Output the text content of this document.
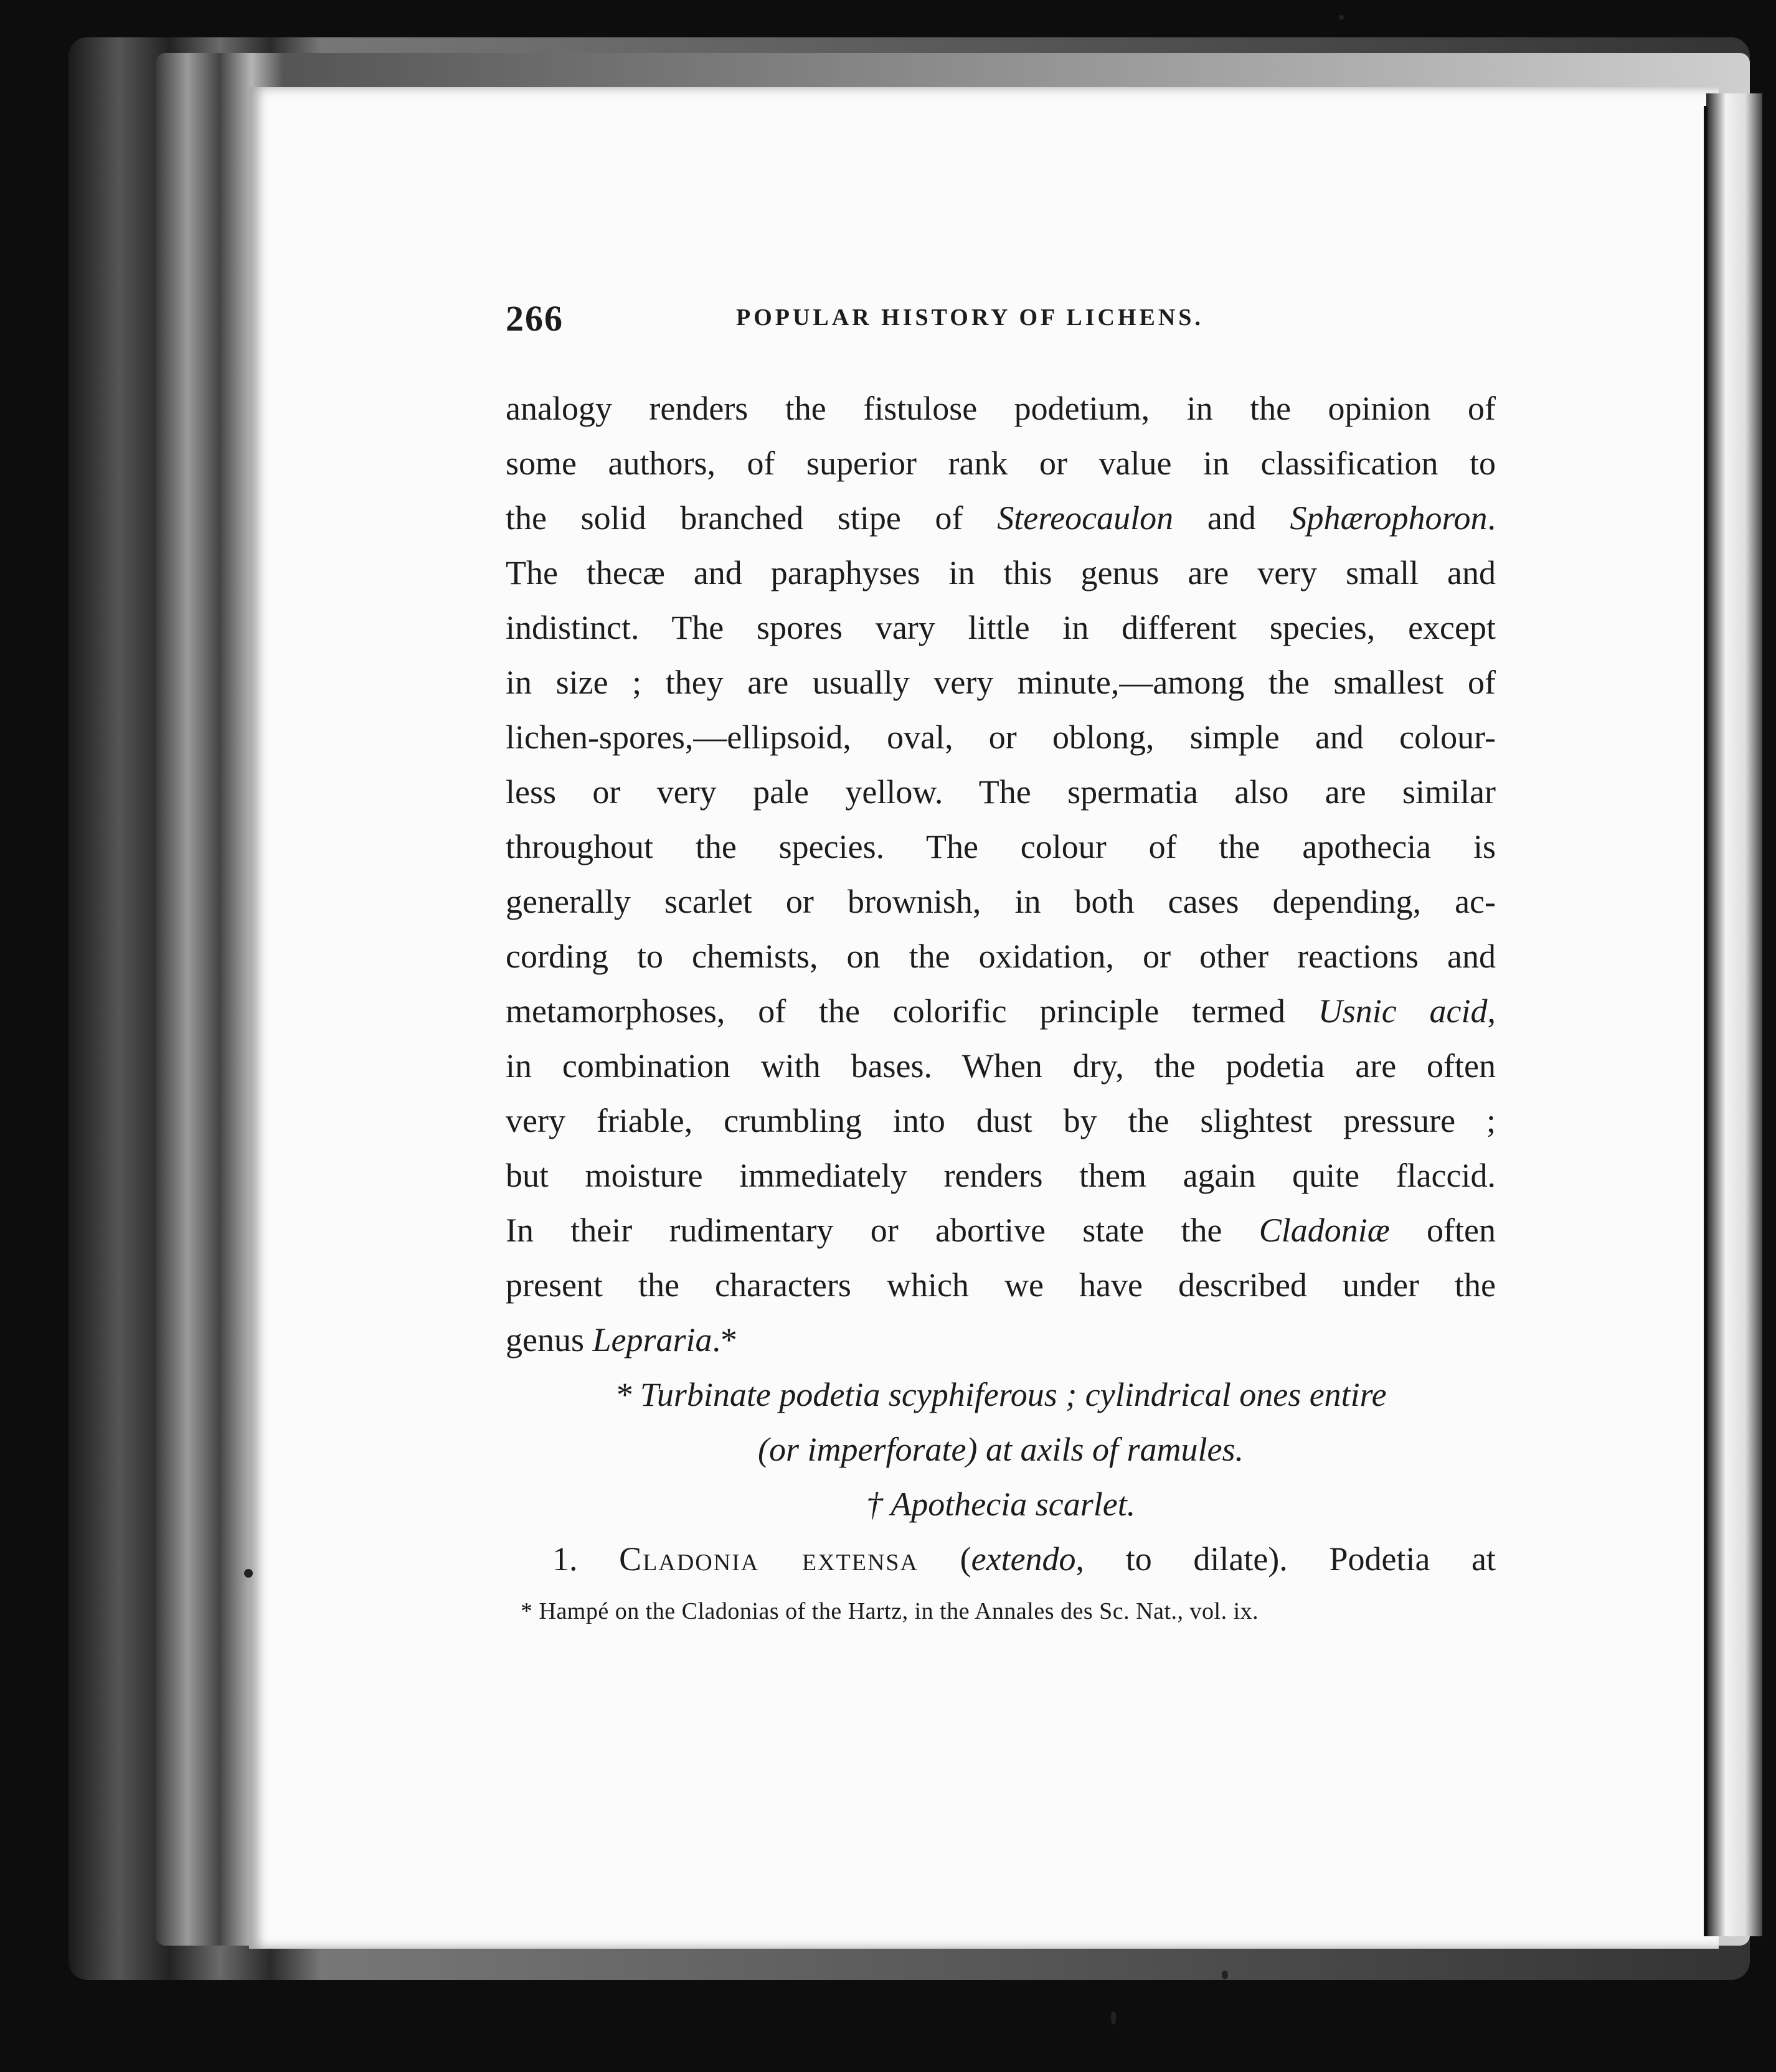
266	POPULAR HISTORY OF LICHENS.
analogy renders the fistulose podetium, in the opinion of
some authors, of superior rank or value in classification to
the solid branched stipe of Stereocaulon and Sphærophoron.
The thecæ and paraphyses in this genus are very small and
indistinct. The spores vary little in different species, except
in size ; they are usually very minute,—among the smallest of
lichen-spores,—ellipsoid, oval, or oblong, simple and colour-
less or very pale yellow. The spermatia also are similar
throughout the species. The colour of the apothecia is
generally scarlet or brownish, in both cases depending, ac-
cording to chemists, on the oxidation, or other reactions and
metamorphoses, of the colorific principle termed Usnic acid,
in combination with bases. When dry, the podetia are often
very friable, crumbling into dust by the slightest pressure ;
but moisture immediately renders them again quite flaccid.
In their rudimentary or abortive state the Cladoniæ often
present the characters which we have described under the
genus Lepraria.*
* Turbinate podetia scyphiferous ; cylindrical ones entire
(or imperforate) at axils of ramules.
† Apothecia scarlet.
1. Cladonia extensa (extendo, to dilate). Podetia at
* Hampé on the Cladonias of the Hartz, in the Annales des Sc. Nat., vol. ix.
